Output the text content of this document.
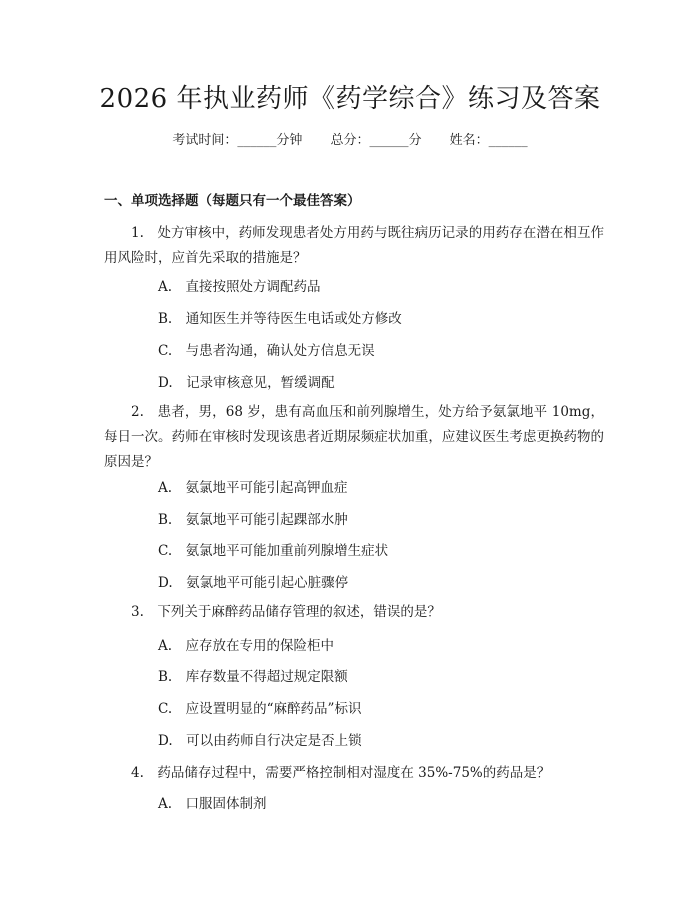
2026 年执业药师《药学综合》练习及答案
考试时间：______分钟 总分：______分 姓名：______
一、单项选择题（每题只有一个最佳答案）
1.　处方审核中，药师发现患者处方用药与既往病历记录的用药存在潜在相互作用风险时，应首先采取的措施是？
A.　直接按照处方调配药品
B.　通知医生并等待医生电话或处方修改
C.　与患者沟通，确认处方信息无误
D.　记录审核意见，暂缓调配
2.　患者，男，68 岁，患有高血压和前列腺增生，处方给予氨氯地平 10mg，每日一次。药师在审核时发现该患者近期尿频症状加重，应建议医生考虑更换药物的原因是？
A.　氨氯地平可能引起高钾血症
B.　氨氯地平可能引起踝部水肿
C.　氨氯地平可能加重前列腺增生症状
D.　氨氯地平可能引起心脏骤停
3.　下列关于麻醉药品储存管理的叙述，错误的是？
A.　应存放在专用的保险柜中
B.　库存数量不得超过规定限额
C.　应设置明显的“麻醉药品”标识
D.　可以由药师自行决定是否上锁
4.　药品储存过程中，需要严格控制相对湿度在 35%-75%的药品是？
A.　口服固体制剂
